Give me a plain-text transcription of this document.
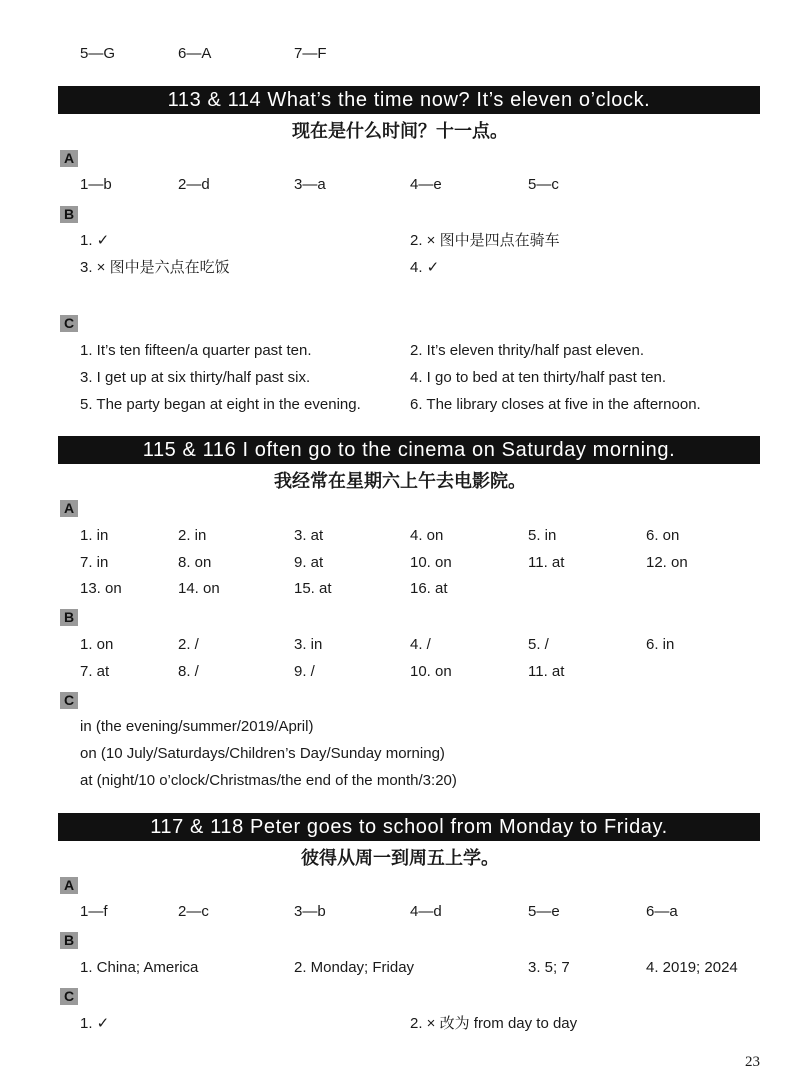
5—G	6—A	7—F
113 & 114 What’s the time now? It’s eleven o’clock.
现在是什么时间？十一点。
A
1—b	2—d	3—a	4—e	5—c
B
1. ✓	2. × 图中是四点在骑车
3. × 图中是六点在吃饭	4. ✓
C
1. It’s ten fifteen/a quarter past ten.	2. It’s eleven thrity/half past eleven.
3. I get up at six thirty/half past six.	4. I go to bed at ten thirty/half past ten.
5. The party began at eight in the evening.	6. The library closes at five in the afternoon.
115 & 116 I often go to the cinema on Saturday morning.
我经常在星期六上午去电影院。
A
1. in	2. in	3. at	4. on	5. in	6. on
7. in	8. on	9. at	10. on	11. at	12. on
13. on	14. on	15. at	16. at
B
1. on	2. /	3. in	4. /	5. /	6. in
7. at	8. /	9. /	10. on	11. at
C
in (the evening/summer/2019/April)
on (10 July/Saturdays/Children’s Day/Sunday morning)
at (night/10 o’clock/Christmas/the end of the month/3:20)
117 & 118 Peter goes to school from Monday to Friday.
彼得从周一到周五上学。
A
1—f	2—c	3—b	4—d	5—e	6—a
B
1. China; America	2. Monday; Friday	3. 5; 7	4. 2019; 2024
C
1. ✓	2. × 改为 from day to day
23
